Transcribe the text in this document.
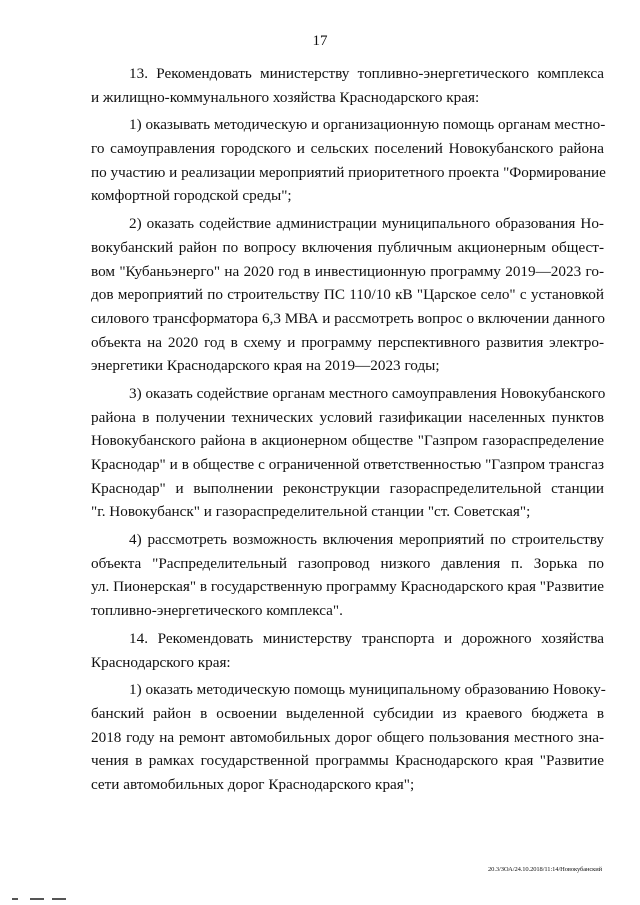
17
13. Рекомендовать министерству топливно-энергетического комплекса
и жилищно-коммунального хозяйства Краснодарского края:
1) оказывать методическую и организационную помощь органам местно-
го самоуправления городского и сельских поселений Новокубанского района
по участию и реализации мероприятий приоритетного проекта "Формирование
комфортной городской среды";
2) оказать содействие администрации муниципального образования Но-
вокубанский район по вопросу включения публичным акционерным общест-
вом "Кубаньэнерго" на 2020 год в инвестиционную программу 2019—2023 го-
дов мероприятий по строительству ПС 110/10 кВ "Царское село" с установкой
силового трансформатора 6,3 МВА и рассмотреть вопрос о включении данного
объекта на 2020 год в схему и программу перспективного развития электро-
энергетики Краснодарского края на 2019—2023 годы;
3) оказать содействие органам местного самоуправления Новокубанского
района в получении технических условий газификации населенных пунктов
Новокубанского района в акционерном обществе "Газпром газораспределение
Краснодар" и в обществе с ограниченной ответственностью "Газпром трансгаз
Краснодар" и выполнении реконструкции газораспределительной станции
"г. Новокубанск" и газораспределительной станции "ст. Советская";
4) рассмотреть возможность включения мероприятий по строительству
объекта "Распределительный газопровод низкого давления п. Зорька по
ул. Пионерская" в государственную программу Краснодарского края "Развитие
топливно-энергетического комплекса".
14. Рекомендовать министерству транспорта и дорожного хозяйства
Краснодарского края:
1) оказать методическую помощь муниципальному образованию Новоку-
банский район в освоении выделенной субсидии из краевого бюджета в
2018 году на ремонт автомобильных дорог общего пользования местного зна-
чения в рамках государственной программы Краснодарского края "Развитие
сети автомобильных дорог Краснодарского края";
20.3/ЗОА/24.10.2018/11:14/Новокубанский
